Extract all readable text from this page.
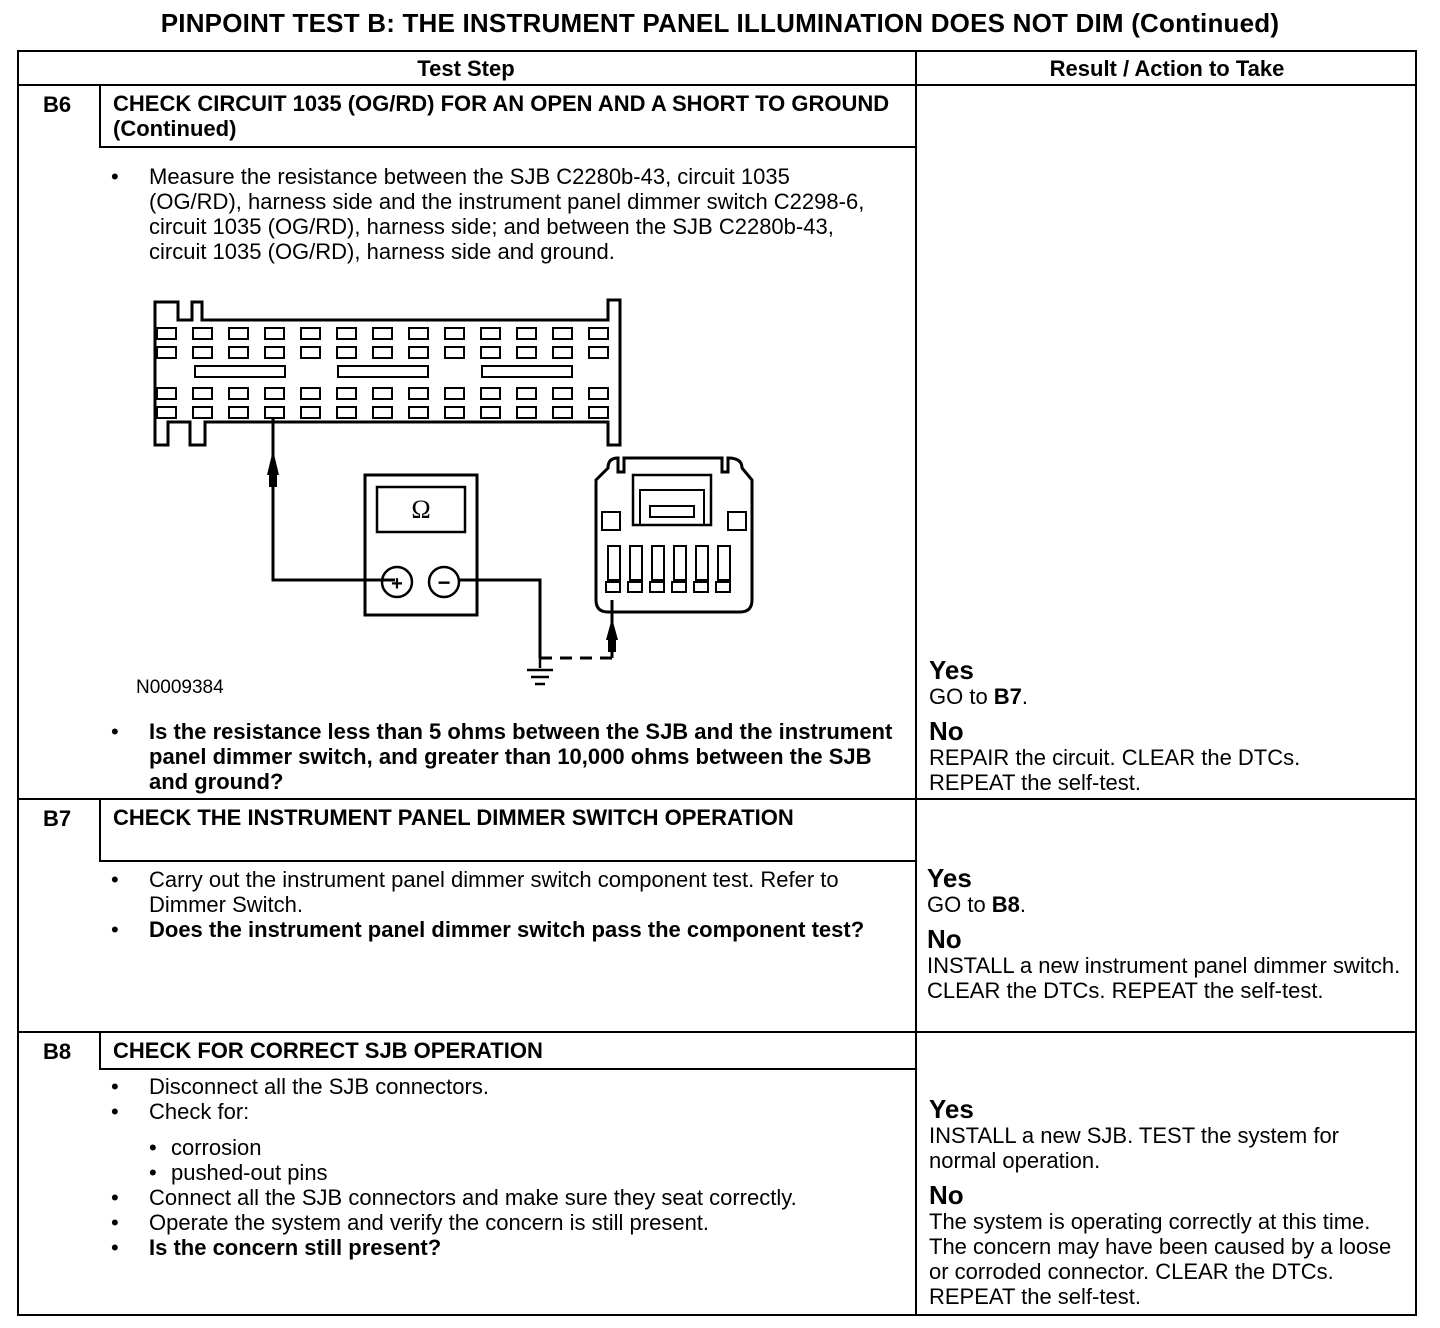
PINPOINT TEST B: THE INSTRUMENT PANEL ILLUMINATION DOES NOT DIM (Continued)
Test Step	Result / Action to Take
B6	CHECK CIRCUIT 1035 (OG/RD) FOR AN OPEN AND A SHORT TO GROUND (Continued)
•	Measure the resistance between the SJB C2280b-43, circuit 1035 (OG/RD), harness side and the instrument panel dimmer switch C2298-6, circuit 1035 (OG/RD), harness side; and between the SJB C2280b-43, circuit 1035 (OG/RD), harness side and ground.
Ω
+ −
N0009384
•	Is the resistance less than 5 ohms between the SJB and the instrument panel dimmer switch, and greater than 10,000 ohms between the SJB and ground?
Yes
GO to B7.
No
REPAIR the circuit. CLEAR the DTCs. REPEAT the self-test.
B7	CHECK THE INSTRUMENT PANEL DIMMER SWITCH OPERATION
•	Carry out the instrument panel dimmer switch component test. Refer to Dimmer Switch.
•	Does the instrument panel dimmer switch pass the component test?
Yes
GO to B8.
No
INSTALL a new instrument panel dimmer switch. CLEAR the DTCs. REPEAT the self-test.
B8	CHECK FOR CORRECT SJB OPERATION
•	Disconnect all the SJB connectors.
•	Check for:
• corrosion
• pushed-out pins
•	Connect all the SJB connectors and make sure they seat correctly.
•	Operate the system and verify the concern is still present.
•	Is the concern still present?
Yes
INSTALL a new SJB. TEST the system for normal operation.
No
The system is operating correctly at this time. The concern may have been caused by a loose or corroded connector. CLEAR the DTCs. REPEAT the self-test.
